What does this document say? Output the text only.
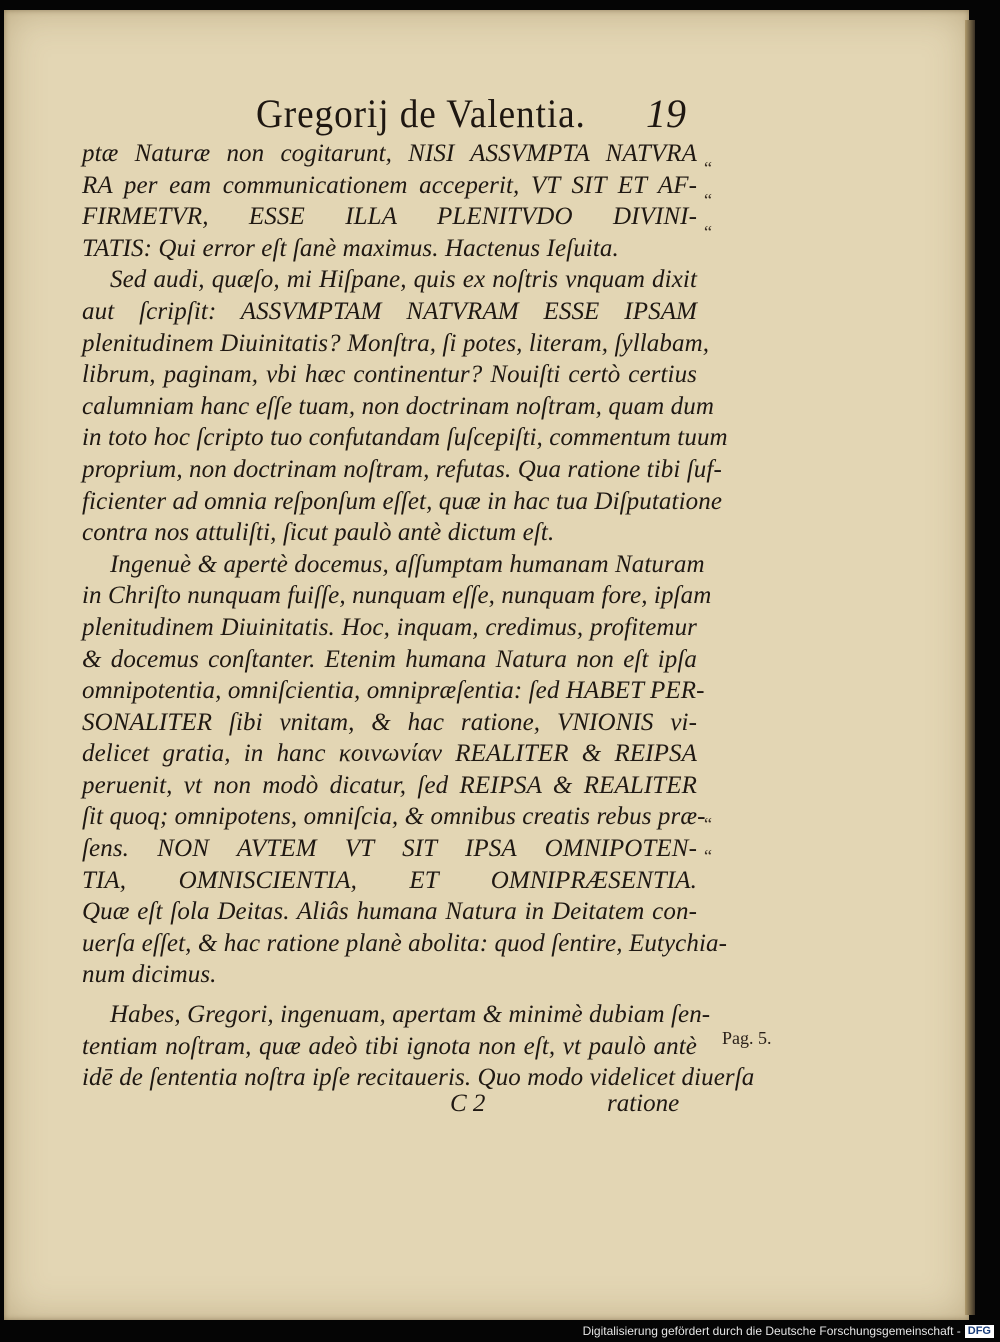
Gregorij de Valentia. 19
ptæ Naturæ non cogitarunt, NISI ASSVMPTA NATVRA
RA per eam communicationem acceperit, VT SIT ET AF-
FIRMETVR, ESSE ILLA PLENITVDO DIVINI-
TATIS: Qui error eſt ſanè maximus. Hactenus Ieſuita.
Sed audi, quæſo, mi Hiſpane, quis ex noſtris vnquam dixit
aut ſcripſit: ASSVMPTAM NATVRAM ESSE IPSAM
plenitudinem Diuinitatis? Monſtra, ſi potes, literam, ſyllabam,
librum, paginam, vbi hæc continentur? Nouiſti certò certius
calumniam hanc eſſe tuam, non doctrinam noſtram, quam dum
in toto hoc ſcripto tuo confutandam ſuſcepiſti, commentum tuum
proprium, non doctrinam noſtram, refutas. Qua ratione tibi ſuf-
ficienter ad omnia reſponſum eſſet, quæ in hac tua Diſputatione
contra nos attuliſti, ſicut paulò antè dictum eſt.
Ingenuè & apertè docemus, aſſumptam humanam Naturam
in Chriſto nunquam fuiſſe, nunquam eſſe, nunquam fore, ipſam
plenitudinem Diuinitatis. Hoc, inquam, credimus, profitemur
& docemus conſtanter. Etenim humana Natura non eſt ipſa
omnipotentia, omniſcientia, omnipræſentia: ſed HABET PER-
SONALITER ſibi vnitam, & hac ratione, VNIONIS vi-
delicet gratia, in hanc κοινωνίαν REALITER & REIPSA
peruenit, vt non modò dicatur, ſed REIPSA & REALITER
ſit quoq; omnipotens, omniſcia, & omnibus creatis rebus præ-
ſens. NON AVTEM VT SIT IPSA OMNIPOTEN-
TIA, OMNISCIENTIA, ET OMNIPRÆSENTIA.
Quæ eſt ſola Deitas. Aliâs humana Natura in Deitatem con-
uerſa eſſet, & hac ratione planè abolita: quod ſentire, Eutychia-
num dicimus.
Habes, Gregori, ingenuam, apertam & minimè dubiam ſen-
tentiam noſtram, quæ adeò tibi ignota non eſt, vt paulò antè
idē de ſententia noſtra ipſe recitaueris. Quo modo videlicet diuerſa
“
“
“
“
“
C 2	ratione
Pag. 5.
Digitalisierung gefördert durch die Deutsche Forschungsgemeinschaft - DFG
